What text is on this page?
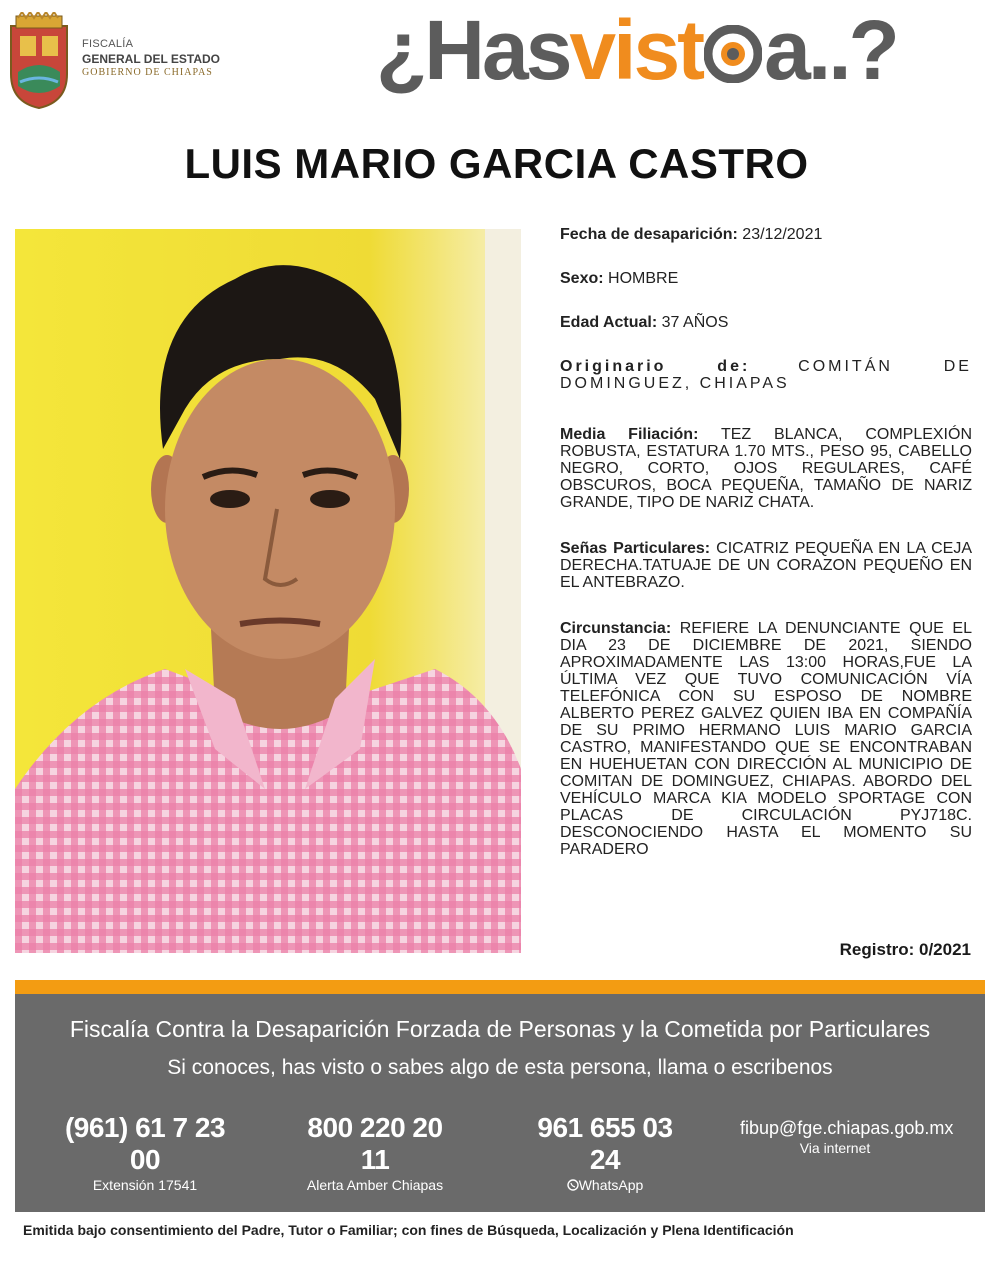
FISCALÍA
GENERAL DEL ESTADO
GOBIERNO DE CHIAPAS ¿Hasvist a..?
LUIS MARIO GARCIA CASTRO

Fecha de desaparición: 23/12/2021

Sexo: HOMBRE

Edad Actual: 37 AÑOS

Originario de:	COMITÁN DE DOMINGUEZ, CHIAPAS

Media Filiación: TEZ BLANCA, COMPLEXIÓN ROBUSTA, ESTATURA 1.70 MTS., PESO 95, CABELLO NEGRO, CORTO, OJOS REGULARES, CAFÉ OBSCUROS, BOCA PEQUEÑA, TAMAÑO DE NARIZ GRANDE, TIPO DE NARIZ CHATA.

Señas Particulares: CICATRIZ PEQUEÑA EN LA CEJA DERECHA.TATUAJE DE UN CORAZON PEQUEÑO EN EL ANTEBRAZO.

Circunstancia: REFIERE LA DENUNCIANTE QUE EL DIA 23 DE DICIEMBRE DE 2021, SIENDO APROXIMADAMENTE LAS 13:00 HORAS,FUE LA ÚLTIMA VEZ QUE TUVO COMUNICACIÓN VÍA TELEFÓNICA CON SU ESPOSO DE NOMBRE ALBERTO PEREZ GALVEZ QUIEN IBA EN COMPAÑÍA DE SU PRIMO HERMANO LUIS MARIO GARCIA CASTRO, MANIFESTANDO QUE SE ENCONTRABAN EN HUEHUETAN CON DIRECCIÓN AL MUNICIPIO DE COMITAN DE DOMINGUEZ, CHIAPAS. ABORDO DEL VEHÍCULO MARCA KIA MODELO SPORTAGE CON PLACAS DE CIRCULACIÓN PYJ718C. DESCONOCIENDO HASTA EL MOMENTO SU PARADERO

Registro: 0/2021
Fiscalía Contra la Desaparición Forzada de Personas y la Cometida por Particulares
Si conoces, has visto o sabes algo de esta persona, llama o escribenos
(961) 61 7 23 00
Extensión 17541
800 220 20 11
Alerta Amber Chiapas
961 655 03 24
WhatsApp
fibup@fge.chiapas.gob.mx
Via internet
Emitida bajo consentimiento del Padre, Tutor o Familiar; con fines de Búsqueda, Localización y Plena Identificación
